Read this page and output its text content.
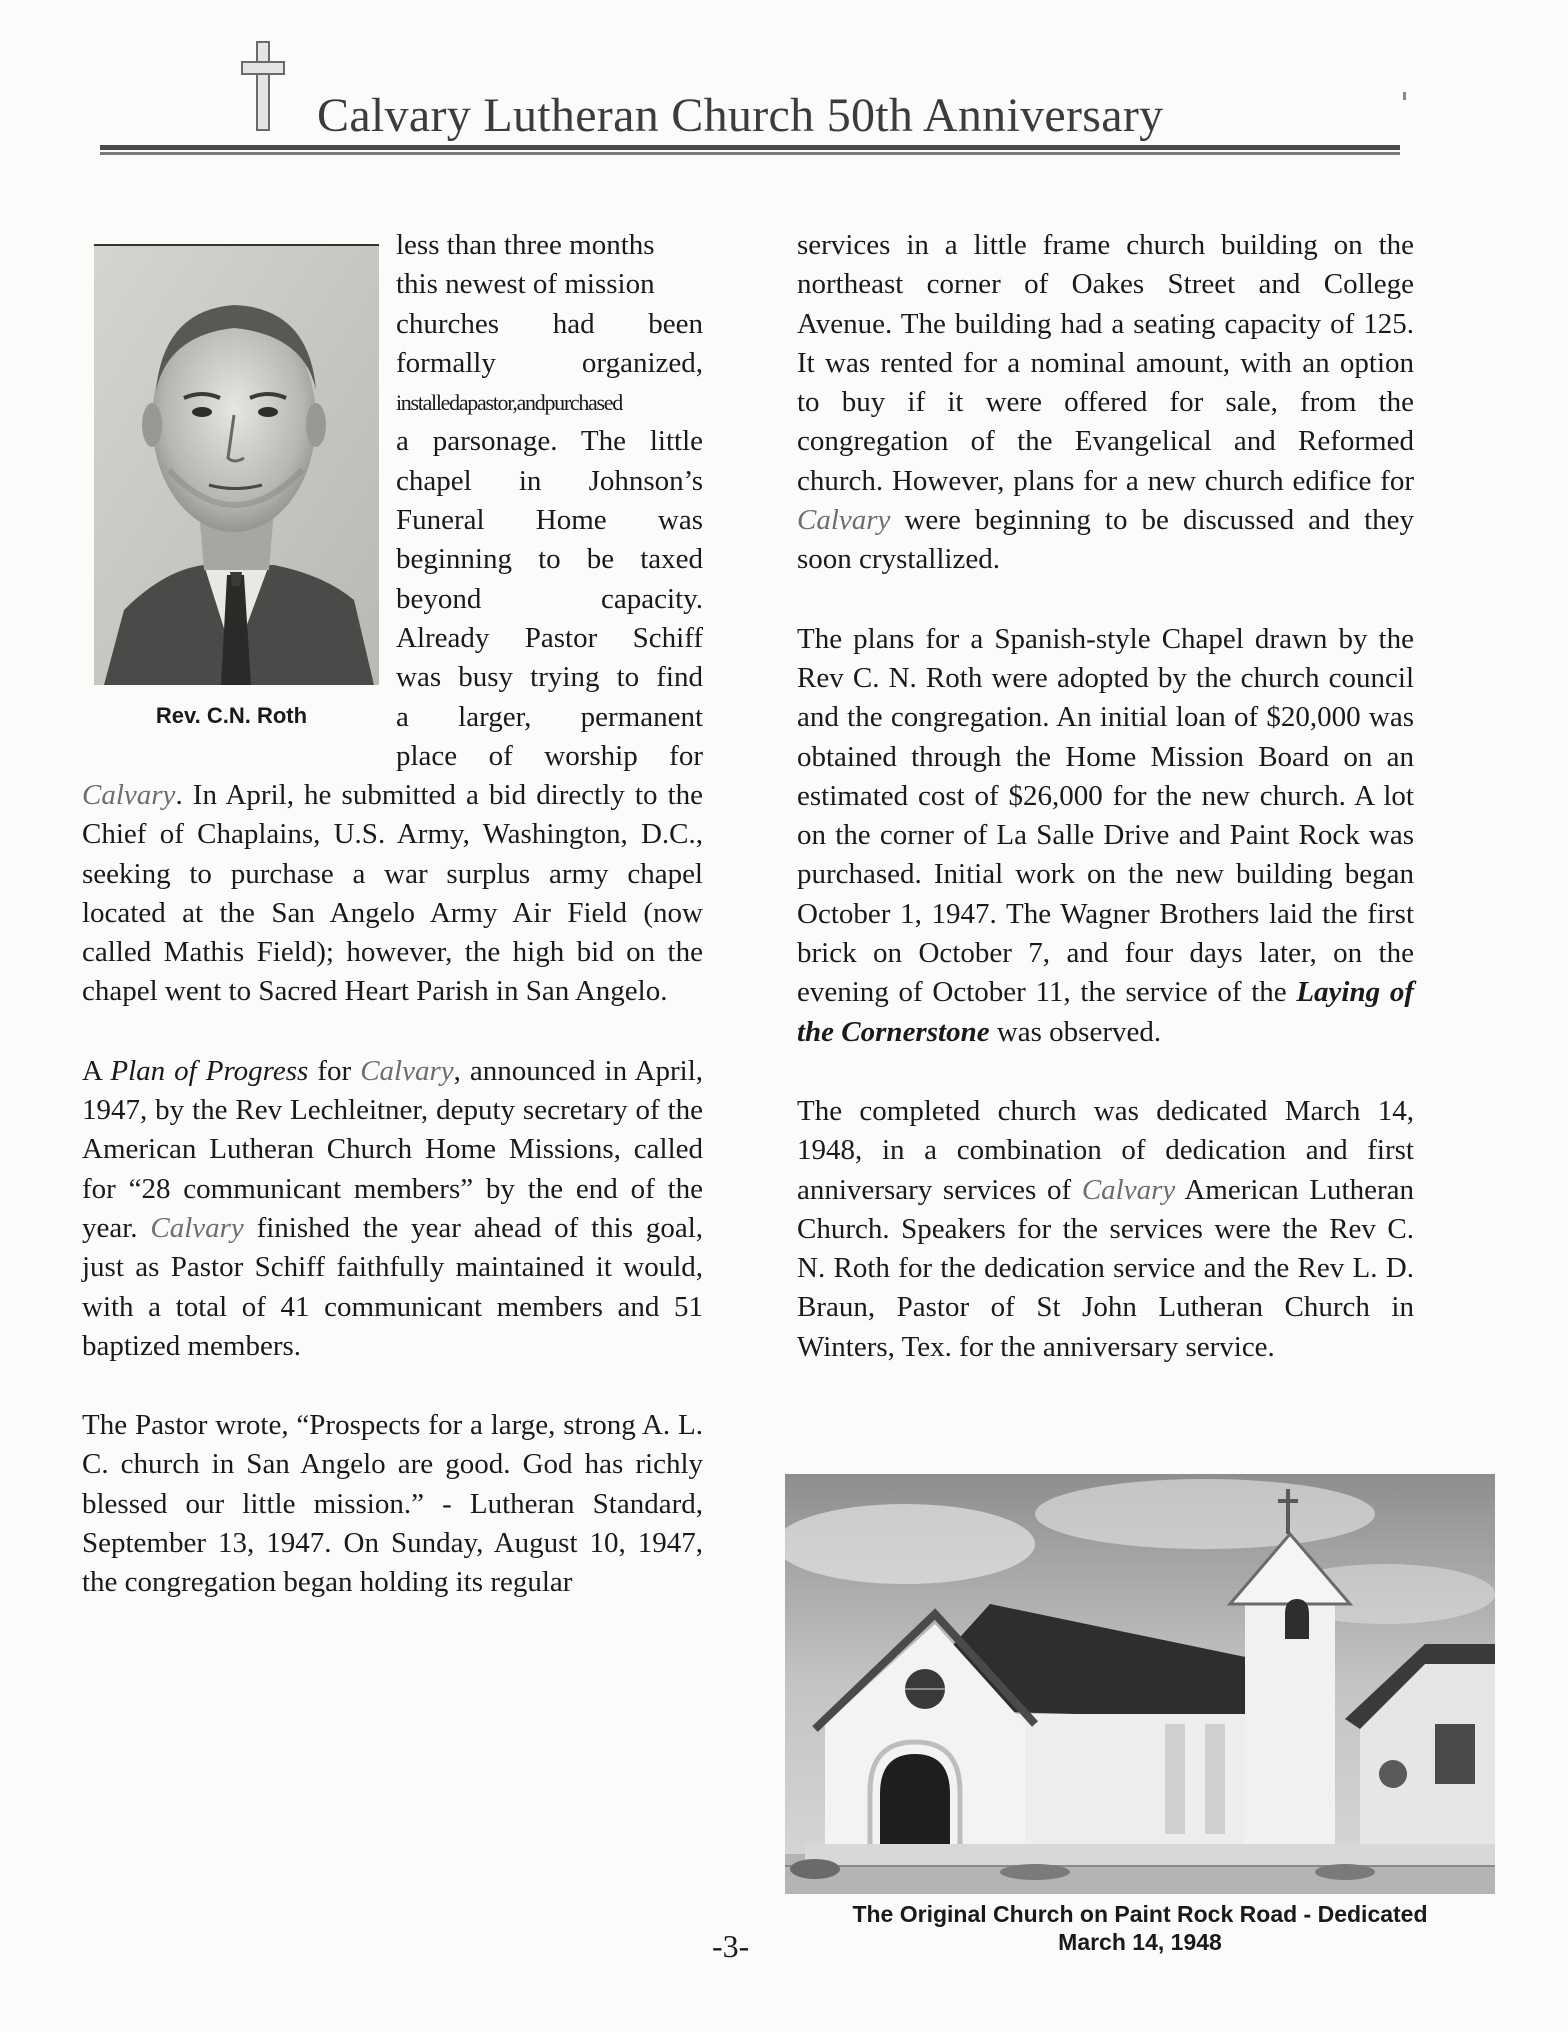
Calvary Lutheran Church 50th Anniversary
Rev. C.N. Roth
less than three months
this newest of mission
churches had been
formally organized,
installedapastor,andpurchased
a parsonage. The little
chapel in Johnson’s
Funeral Home was
beginning to be taxed
beyond capacity.
Already Pastor Schiff
was busy trying to find
a larger, permanent
place of worship for

Calvary. In April, he submitted a bid directly to the Chief of Chaplains, U.S. Army, Washington, D.C., seeking to purchase a war surplus army chapel located at the San Angelo Army Air Field (now called Mathis Field); however, the high bid on the chapel went to Sacred Heart Parish in San Angelo.

A Plan of Progress for Calvary, announced in April, 1947, by the Rev Lechleitner, deputy secretary of the American Lutheran Church Home Missions, called for “28 communicant members” by the end of the year. Calvary finished the year ahead of this goal, just as Pastor Schiff faithfully maintained it would, with a total of 41 communicant members and 51 baptized members.

The Pastor wrote, “Prospects for a large, strong A. L. C. church in San Angelo are good. God has richly blessed our little mission.” - Lutheran Standard, September 13, 1947. On Sunday, August 10, 1947, the congregation began holding its regular

services in a little frame church building on the northeast corner of Oakes Street and College Avenue. The building had a seating capacity of 125. It was rented for a nominal amount, with an option to buy if it were offered for sale, from the congregation of the Evangelical and Reformed church. However, plans for a new church edifice for Calvary were beginning to be discussed and they soon crystallized.

The plans for a Spanish-style Chapel drawn by the Rev C. N. Roth were adopted by the church council and the congregation. An initial loan of $20,000 was obtained through the Home Mission Board on an estimated cost of $26,000 for the new church. A lot on the corner of La Salle Drive and Paint Rock was purchased. Initial work on the new building began October 1, 1947. The Wagner Brothers laid the first brick on October 7, and four days later, on the evening of October 11, the service of the Laying of the Cornerstone was observed.

The completed church was dedicated March 14, 1948, in a combination of dedication and first anniversary services of Calvary American Lutheran Church. Speakers for the services were the Rev C. N. Roth for the dedication service and the Rev L. D. Braun, Pastor of St John Lutheran Church in Winters, Tex. for the anniversary service.

The Original Church on Paint Rock Road - Dedicated
March 14, 1948
-3-
